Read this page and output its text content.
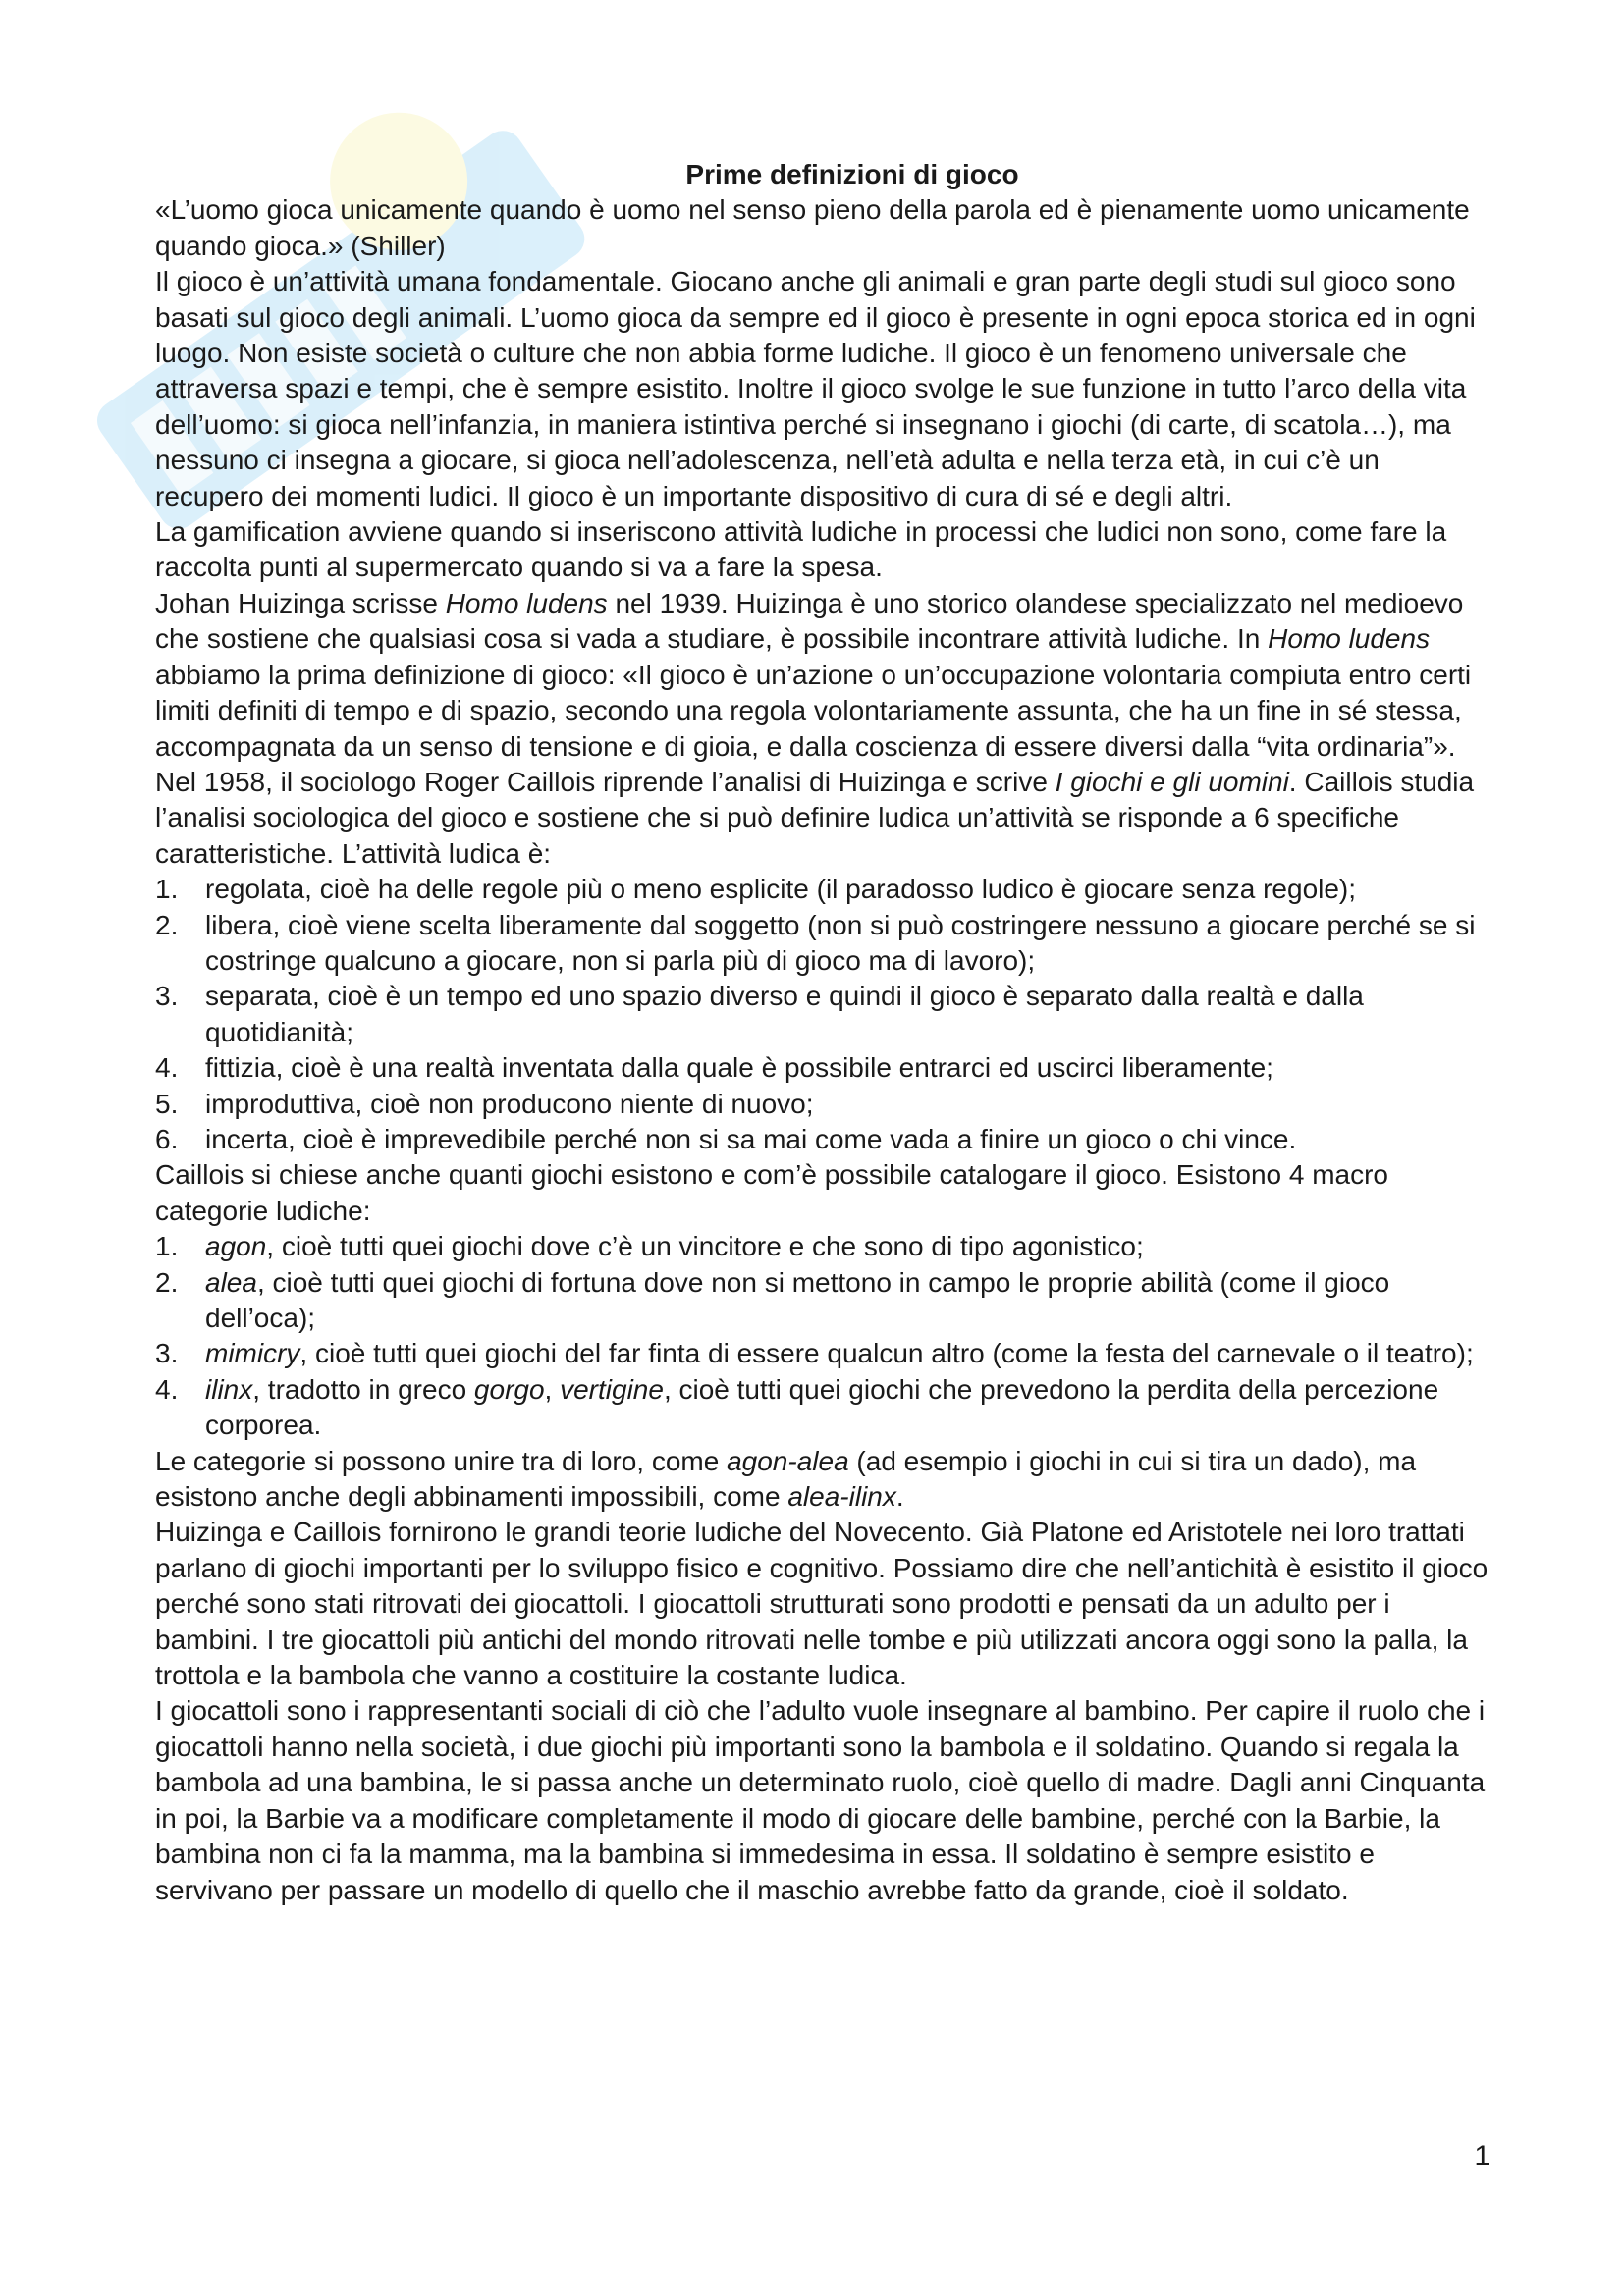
Prime definizioni di gioco

«L’uomo gioca unicamente quando è uomo nel senso pieno della parola ed è pienamente uomo unicamente quando gioca.» (Shiller)

Il gioco è un’attività umana fondamentale. Giocano anche gli animali e gran parte degli studi sul gioco sono basati sul gioco degli animali. L’uomo gioca da sempre ed il gioco è presente in ogni epoca storica ed in ogni luogo. Non esiste società o culture che non abbia forme ludiche. Il gioco è un fenomeno universale che attraversa spazi e tempi, che è sempre esistito. Inoltre il gioco svolge le sue funzione in tutto l’arco della vita dell’uomo: si gioca nell’infanzia, in maniera istintiva perché si insegnano i giochi (di carte, di scatola…), ma nessuno ci insegna a giocare, si gioca nell’adolescenza, nell’età adulta e nella terza età, in cui c’è un recupero dei momenti ludici. Il gioco è un importante dispositivo di cura di sé e degli altri.

La gamification avviene quando si inseriscono attività ludiche in processi che ludici non sono, come fare la raccolta punti al supermercato quando si va a fare la spesa.

Johan Huizinga scrisse Homo ludens nel 1939. Huizinga è uno storico olandese specializzato nel medioevo che sostiene che qualsiasi cosa si vada a studiare, è possibile incontrare attività ludiche. In Homo ludens abbiamo la prima definizione di gioco: «Il gioco è un’azione o un’occupazione volontaria compiuta entro certi limiti definiti di tempo e di spazio, secondo una regola volontariamente assunta, che ha un fine in sé stessa, accompagnata da un senso di tensione e di gioia, e dalla coscienza di essere diversi dalla “vita ordinaria”».

Nel 1958, il sociologo Roger Caillois riprende l’analisi di Huizinga e scrive I giochi e gli uomini. Caillois studia l’analisi sociologica del gioco e sostiene che si può definire ludica un’attività se risponde a 6 specifiche caratteristiche. L’attività ludica è:

1. regolata, cioè ha delle regole più o meno esplicite (il paradosso ludico è giocare senza regole);
2. libera, cioè viene scelta liberamente dal soggetto (non si può costringere nessuno a giocare perché se si costringe qualcuno a giocare, non si parla più di gioco ma di lavoro);
3. separata, cioè è un tempo ed uno spazio diverso e quindi il gioco è separato dalla realtà e dalla quotidianità;
4. fittizia, cioè è una realtà inventata dalla quale è possibile entrarci ed uscirci liberamente;
5. improduttiva, cioè non producono niente di nuovo;
6. incerta, cioè è imprevedibile perché non si sa mai come vada a finire un gioco o chi vince.

Caillois si chiese anche quanti giochi esistono e com’è possibile catalogare il gioco. Esistono 4 macro categorie ludiche:

1. agon, cioè tutti quei giochi dove c’è un vincitore e che sono di tipo agonistico;
2. alea, cioè tutti quei giochi di fortuna dove non si mettono in campo le proprie abilità (come il gioco dell’oca);
3. mimicry, cioè tutti quei giochi del far finta di essere qualcun altro (come la festa del carnevale o il teatro);
4. ilinx, tradotto in greco gorgo, vertigine, cioè tutti quei giochi che prevedono la perdita della percezione corporea.

Le categorie si possono unire tra di loro, come agon-alea (ad esempio i giochi in cui si tira un dado), ma esistono anche degli abbinamenti impossibili, come alea-ilinx.

Huizinga e Caillois fornirono le grandi teorie ludiche del Novecento. Già Platone ed Aristotele nei loro trattati parlano di giochi importanti per lo sviluppo fisico e cognitivo. Possiamo dire che nell’antichità è esistito il gioco perché sono stati ritrovati dei giocattoli. I giocattoli strutturati sono prodotti e pensati da un adulto per i bambini. I tre giocattoli più antichi del mondo ritrovati nelle tombe e più utilizzati ancora oggi sono la palla, la trottola e la bambola che vanno a costituire la costante ludica.

I giocattoli sono i rappresentanti sociali di ciò che l’adulto vuole insegnare al bambino. Per capire il ruolo che i giocattoli hanno nella società, i due giochi più importanti sono la bambola e il soldatino. Quando si regala la bambola ad una bambina, le si passa anche un determinato ruolo, cioè quello di madre. Dagli anni Cinquanta in poi, la Barbie va a modificare completamente il modo di giocare delle bambine, perché con la Barbie, la bambina non ci fa la mamma, ma la bambina si immedesima in essa. Il soldatino è sempre esistito e servivano per passare un modello di quello che il maschio avrebbe fatto da grande, cioè il soldato.

1
